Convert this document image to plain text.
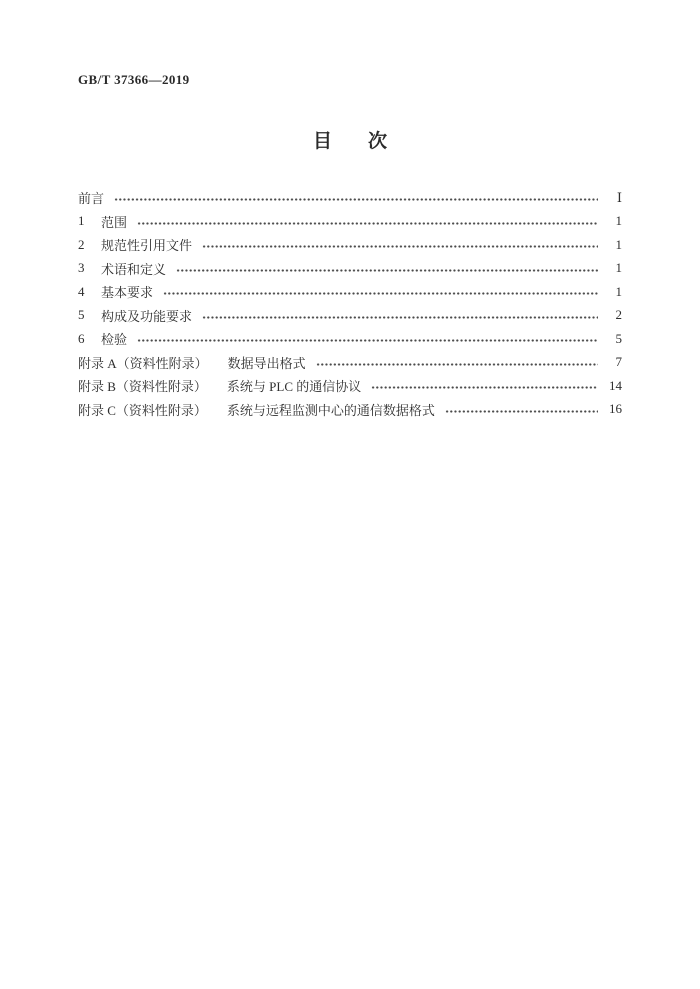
GB/T 37366—2019
目 次
前言	Ⅰ
1	范围	1
2	规范性引用文件	1
3	术语和定义	1
4	基本要求	1
5	构成及功能要求	2
6	检验	5
附录 A（资料性附录） 数据导出格式	7
附录 B（资料性附录） 系统与 PLC 的通信协议	14
附录 C（资料性附录） 系统与远程监测中心的通信数据格式	16
